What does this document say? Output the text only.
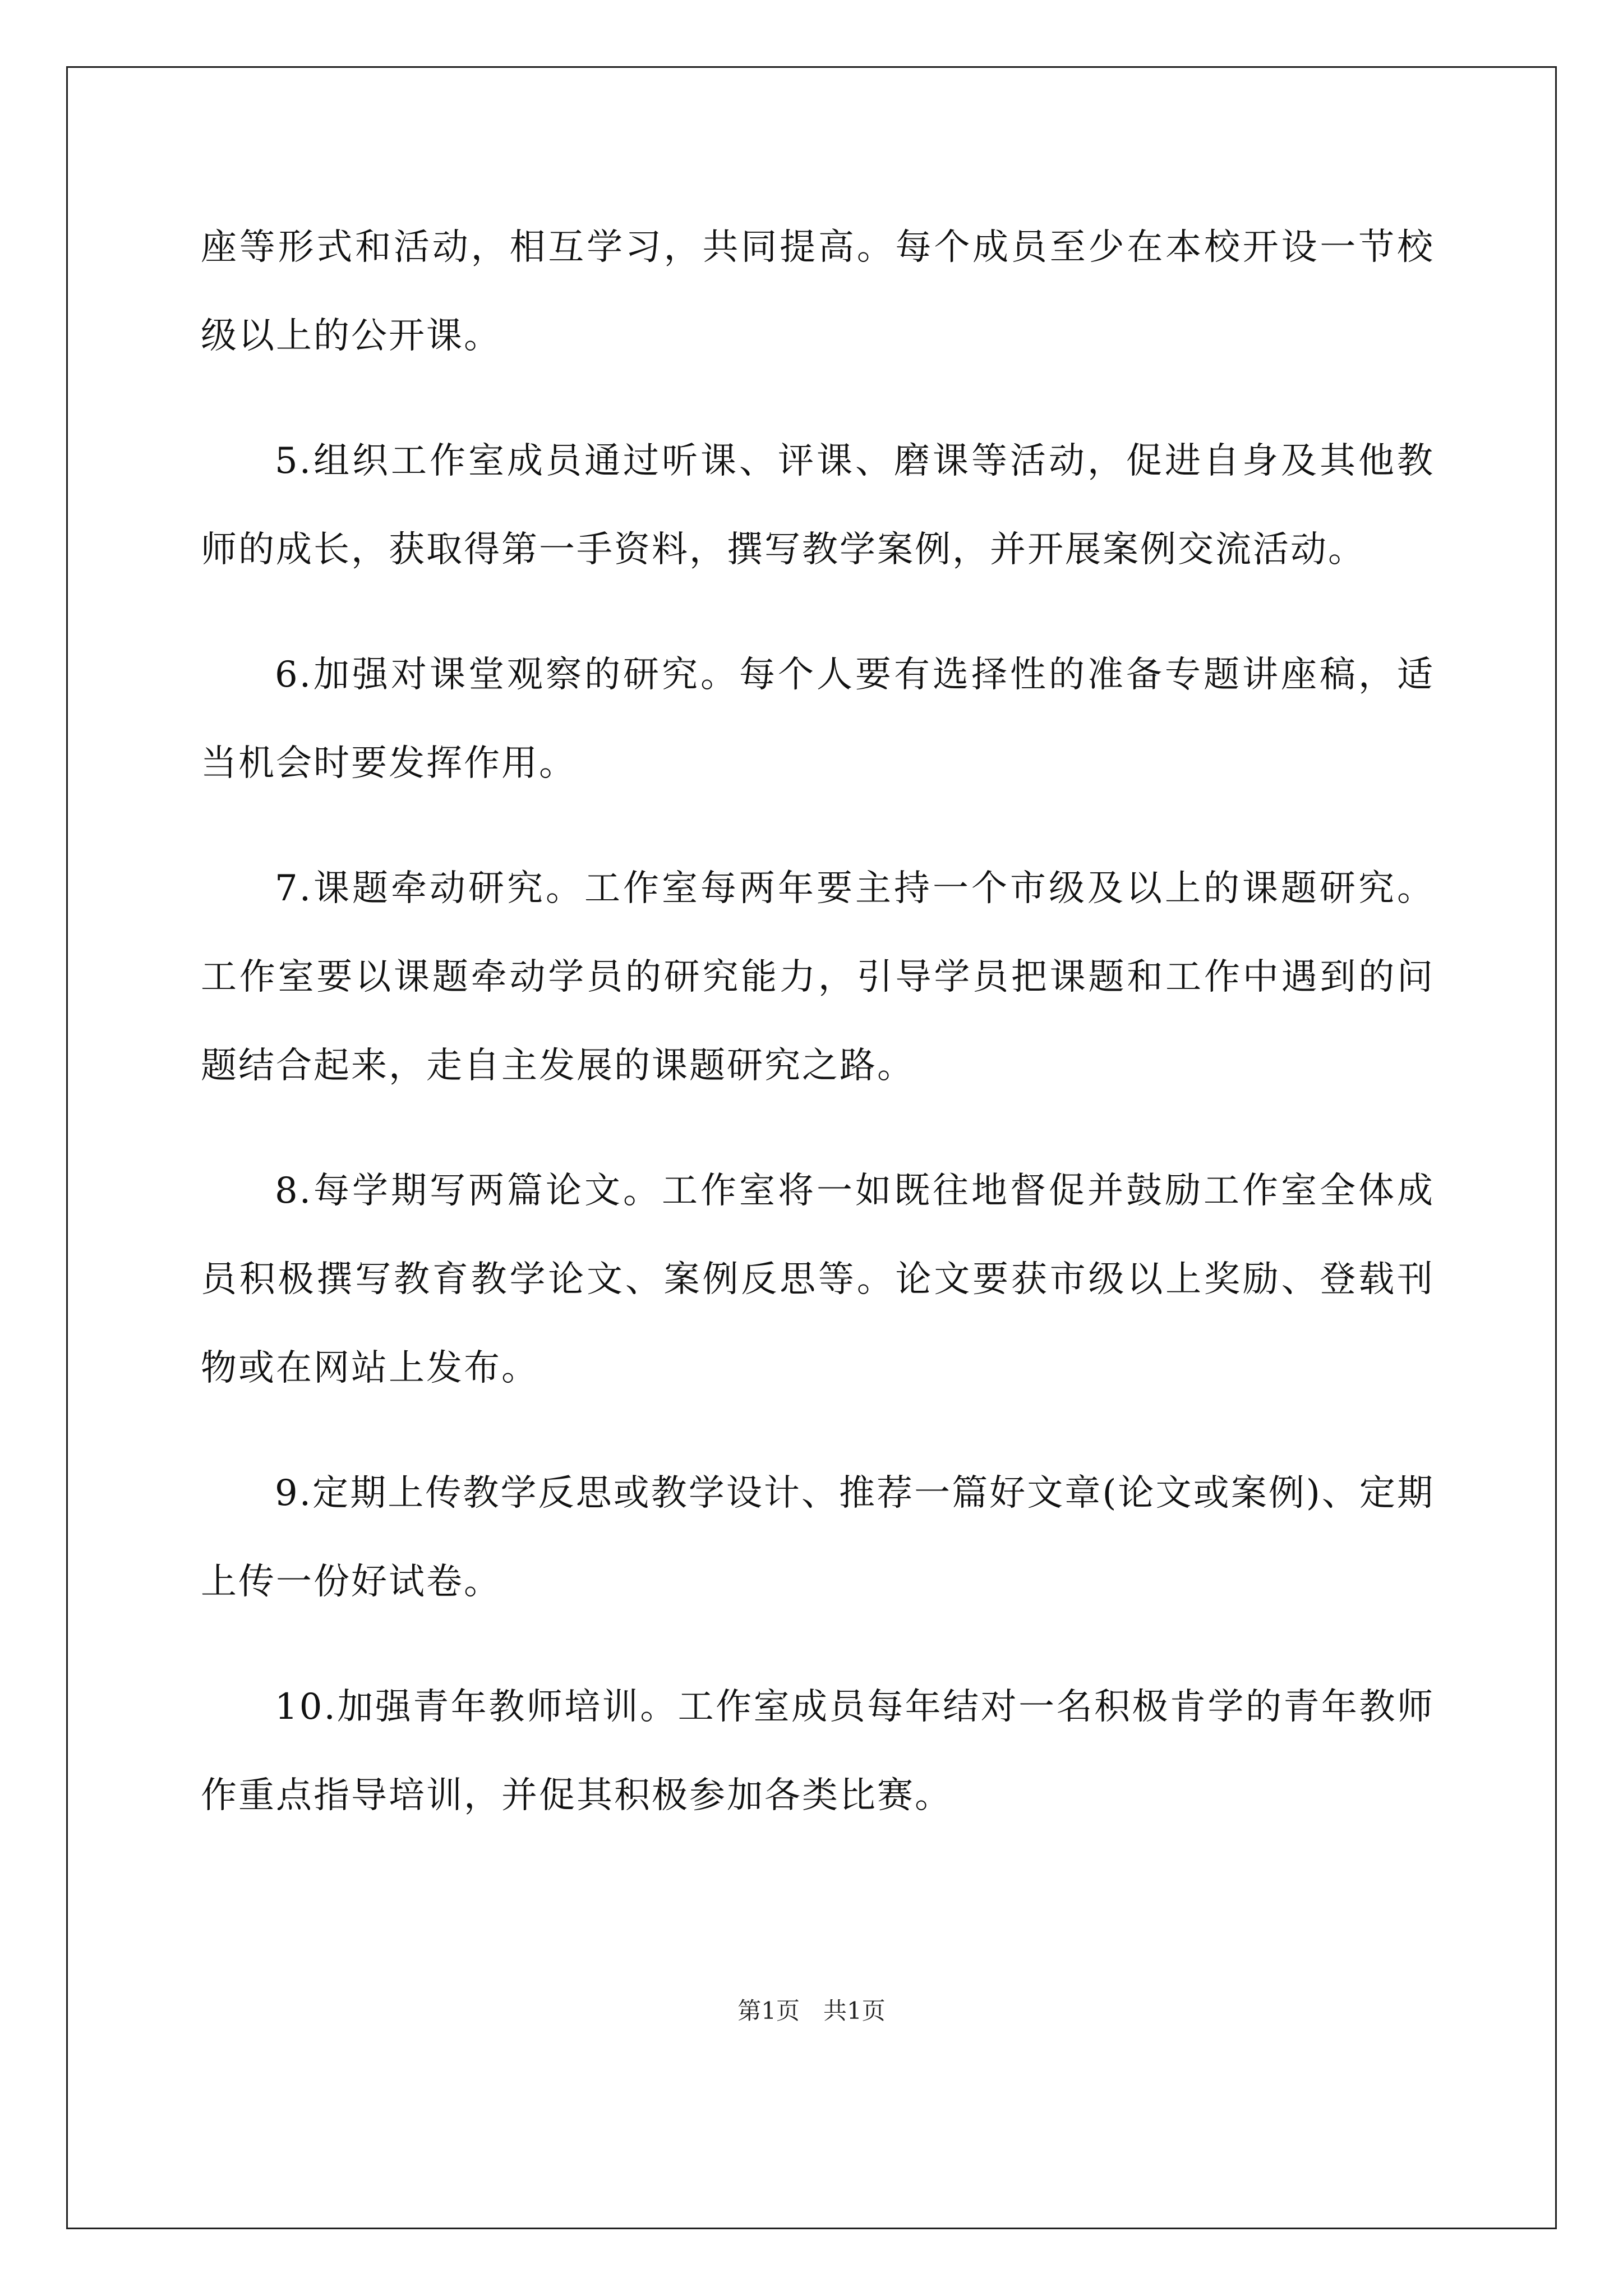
座等形式和活动，相互学习，共同提高。每个成员至少在本校开设一节校级以上的公开课。

5.组织工作室成员通过听课、评课、磨课等活动，促进自身及其他教师的成长，获取得第一手资料，撰写教学案例，并开展案例交流活动。

6.加强对课堂观察的研究。每个人要有选择性的准备专题讲座稿，适当机会时要发挥作用。

7.课题牵动研究。工作室每两年要主持一个市级及以上的课题研究。工作室要以课题牵动学员的研究能力，引导学员把课题和工作中遇到的问题结合起来，走自主发展的课题研究之路。

8.每学期写两篇论文。工作室将一如既往地督促并鼓励工作室全体成员积极撰写教育教学论文、案例反思等。论文要获市级以上奖励、登载刊物或在网站上发布。

9.定期上传教学反思或教学设计、推荐一篇好文章(论文或案例)、定期上传一份好试卷。

10.加强青年教师培训。工作室成员每年结对一名积极肯学的青年教师作重点指导培训，并促其积极参加各类比赛。

第1页　共1页
